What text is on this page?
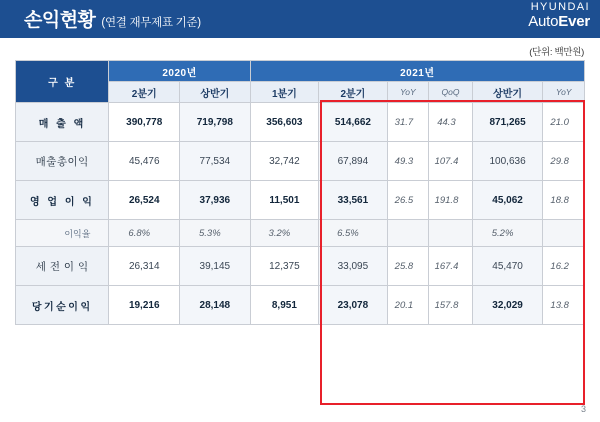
손익현황 (연결 재무제표 기준)
HYUNDAI
AutoEver
(단위: 백만원)
구 분	2020년		2021년					
	2분기	상반기	1분기	2분기	YoY	QoQ	상반기	YoY
매 출 액	390,778	719,798	356,603	514,662	31.7	44.3	871,265	21.0
매출총이익	45,476	77,534	32,742	67,894	49.3	107.4	100,636	29.8
영 업 이 익	26,524	37,936	11,501	33,561	26.5	191.8	45,062	18.8
이익율	6.8%	5.3%	3.2%	6.5%			5.2%	
세 전 이 익	26,314	39,145	12,375	33,095	25.8	167.4	45,470	16.2
당기순이익	19,216	28,148	8,951	23,078	20.1	157.8	32,029	13.8
3
